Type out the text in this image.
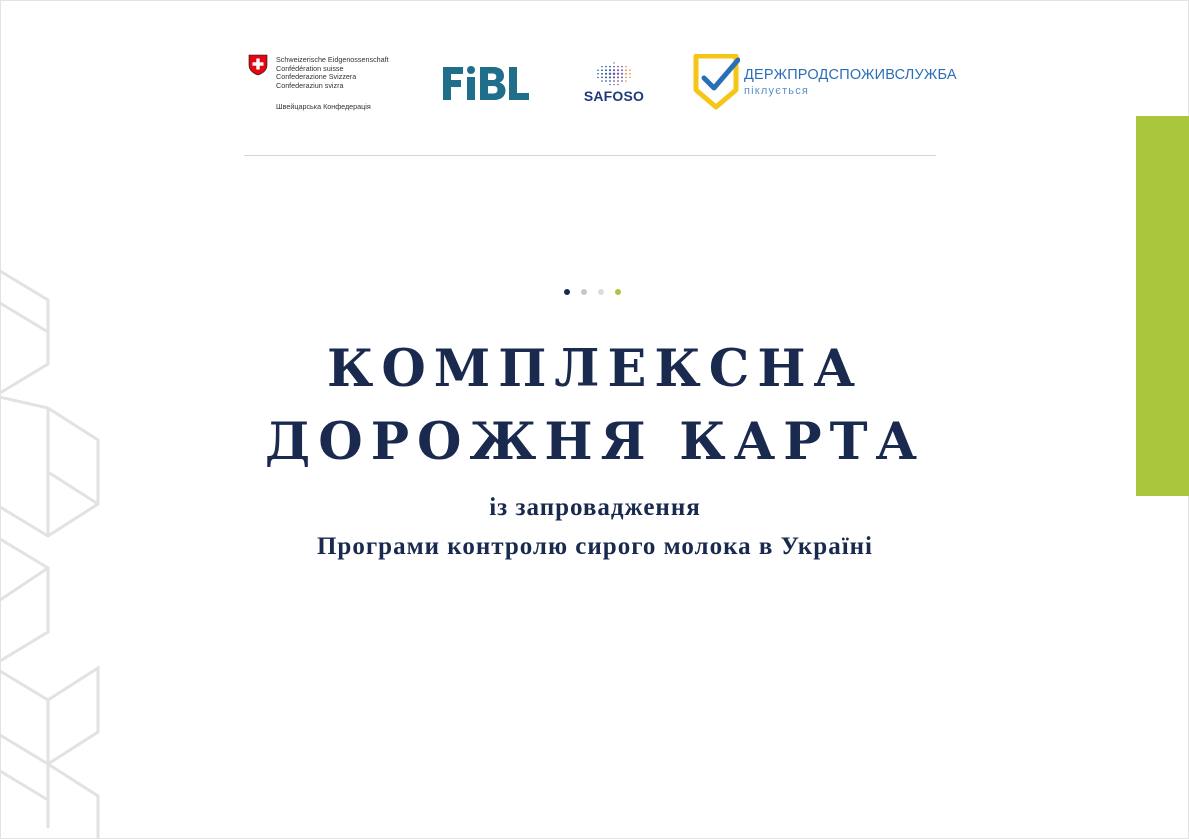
Schweizerische Eidgenossenschaft
Confédération suisse
Confederazione Svizzera
Confederaziun svizra
Швейцарська Конфедерація
SAFOSO
ДЕРЖПРОДСПОЖИВСЛУЖБА
піклується
КОМПЛЕКСНА
ДОРОЖНЯ КАРТА

із запровадження

Програми контролю сирого молока в Україні
